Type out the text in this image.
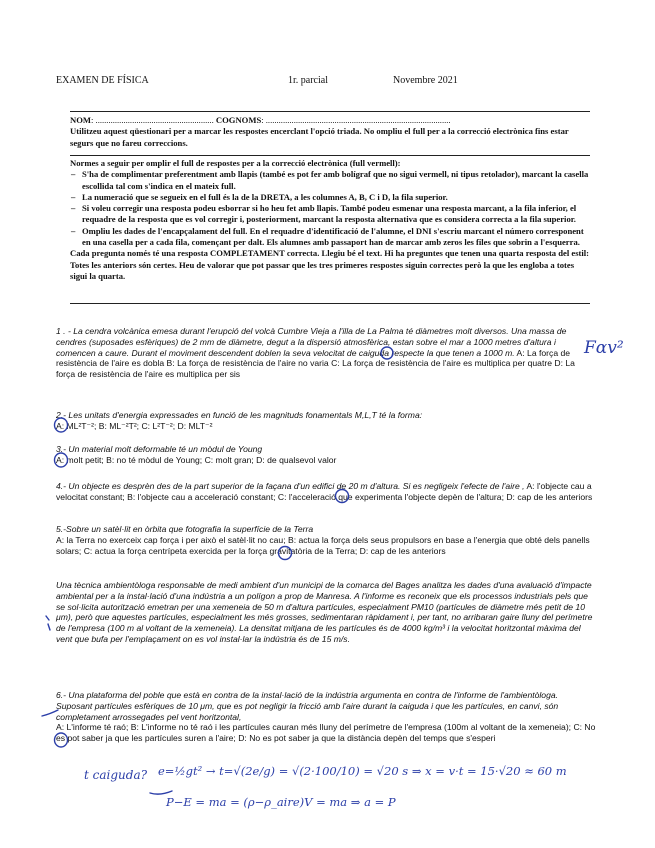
EXAMEN DE FÍSICA	1r. parcial	Novembre 2021

NOM: ....................................................... COGNOMS: ......................................................................................

Utilitzeu aquest qüestionari per a marcar les respostes encerclant l'opció triada. No ompliu el full per a la correcció electrònica fins estar segurs que no fareu correccions.

Normes a seguir per omplir el full de respostes per a la correcció electrònica (full vermell):

– S'ha de complimentar preferentment amb llapis (també es pot fer amb bolígraf que no sigui vermell, ni tipus retolador), marcant la casella escollida tal com s'indica en el mateix full.
– La numeració que se segueix en el full és la de la DRETA, a les columnes A, B, C i D, la fila superior.
– Si voleu corregir una resposta podeu esborrar si ho heu fet amb llapis. També podeu esmenar una resposta marcant, a la fila inferior, el requadre de la resposta que es vol corregir i, posteriorment, marcant la resposta alternativa que es considera correcta a la fila superior.
– Ompliu les dades de l'encapçalament del full. En el requadre d'identificació de l'alumne, el DNI s'escriu marcant el número corresponent en una casella per a cada fila, començant per dalt. Els alumnes amb passaport han de marcar amb zeros les files que sobrin a l'esquerra.

Cada pregunta només té una resposta COMPLETAMENT correcta. Llegiu bé el text. Hi ha preguntes que tenen una quarta resposta del estil: Totes les anteriors són certes. Heu de valorar que pot passar que les tres primeres respostes siguin correctes però la que les engloba a totes sigui la quarta.

1 . - La cendra volcànica emesa durant l'erupció del volcà Cumbre Vieja a l'illa de La Palma té diàmetres molt diversos. Una massa de cendres (suposades esfèriques) de 2 mm de diàmetre, degut a la dispersió atmosfèrica, estan sobre el mar a 1000 metres d'altura i comencen a caure. Durant el moviment descendent doblen la seva velocitat de caiguda respecte la que tenen a 1000 m. A: La força de resistència de l'aire es dobla B: La força de resistència de l'aire no varia C: La força de resistència de l'aire es multiplica per quatre D: La força de resistència de l'aire es multiplica per sis

2.- Les unitats d'energia expressades en funció de les magnituds fonamentals M,L,T té la forma:

A: ML²T⁻²; B: ML⁻²T²; C: L²T⁻²; D: MLT⁻²

3.- Un material molt deformable té un mòdul de Young

A: molt petit; B: no té mòdul de Young; C: molt gran; D: de qualsevol valor

4.- Un objecte es desprèn des de la part superior de la façana d'un edifici de 20 m d'altura. Si es negligeix l'efecte de l'aire , A: l'objecte cau a velocitat constant; B: l'objecte cau a acceleració constant; C: l'acceleració que experimenta l'objecte depèn de l'altura; D: cap de les anteriors

5.-Sobre un satèl·lit en òrbita que fotografia la superfície de la Terra

A: la Terra no exerceix cap força i per això el satèl·lit no cau; B: actua la força dels seus propulsors en base a l'energia que obté dels panells solars; C: actua la força centrípeta exercida per la força gravitatòria de la Terra; D: cap de les anteriors

Una tècnica ambientòloga responsable de medi ambient d'un municipi de la comarca del Bages analitza les dades d'una avaluació d'impacte ambiental per a la instal·lació d'una indústria a un polígon a prop de Manresa. A l'informe es reconeix que els processos industrials pels que se sol·licita autorització emetran per una xemeneia de 50 m d'altura partícules, especialment PM10 (partícules de diàmetre més petit de 10 μm), però que aquestes partícules, especialment les més grosses, sedimentaran ràpidament i, per tant, no arribaran gaire lluny del perímetre de l'empresa (100 m al voltant de la xemeneia). La densitat mitjana de les partícules és de 4000 kg/m³ i la velocitat horitzontal màxima del vent que bufa per l'emplaçament on es vol instal·lar la indústria és de 15 m/s.

6.- Una plataforma del poble que està en contra de la instal·lació de la indústria argumenta en contra de l'informe de l'ambientòloga. Suposant partícules esfèriques de 10 μm, que es pot negligir la fricció amb l'aire durant la caiguda i que les partícules, en canvi, són completament arrossegades pel vent horitzontal,

A: L'informe té raó; B: L'informe no té raó i les partícules cauran més lluny del perímetre de l'empresa (100m al voltant de la xemeneia); C: No es pot saber ja que les partícules suren a l'aire; D: No es pot saber ja que la distància depèn del temps que s'esperi

Fαv²
t caiguda? e=½gt² → t=√(2e/g) = √(2·100/10) = √20 s ⇒ x = v·t = 15·√20 ≈ 60 m
P−E = ma = (ρ−ρ_aire)V = ma ⇒ a = P
